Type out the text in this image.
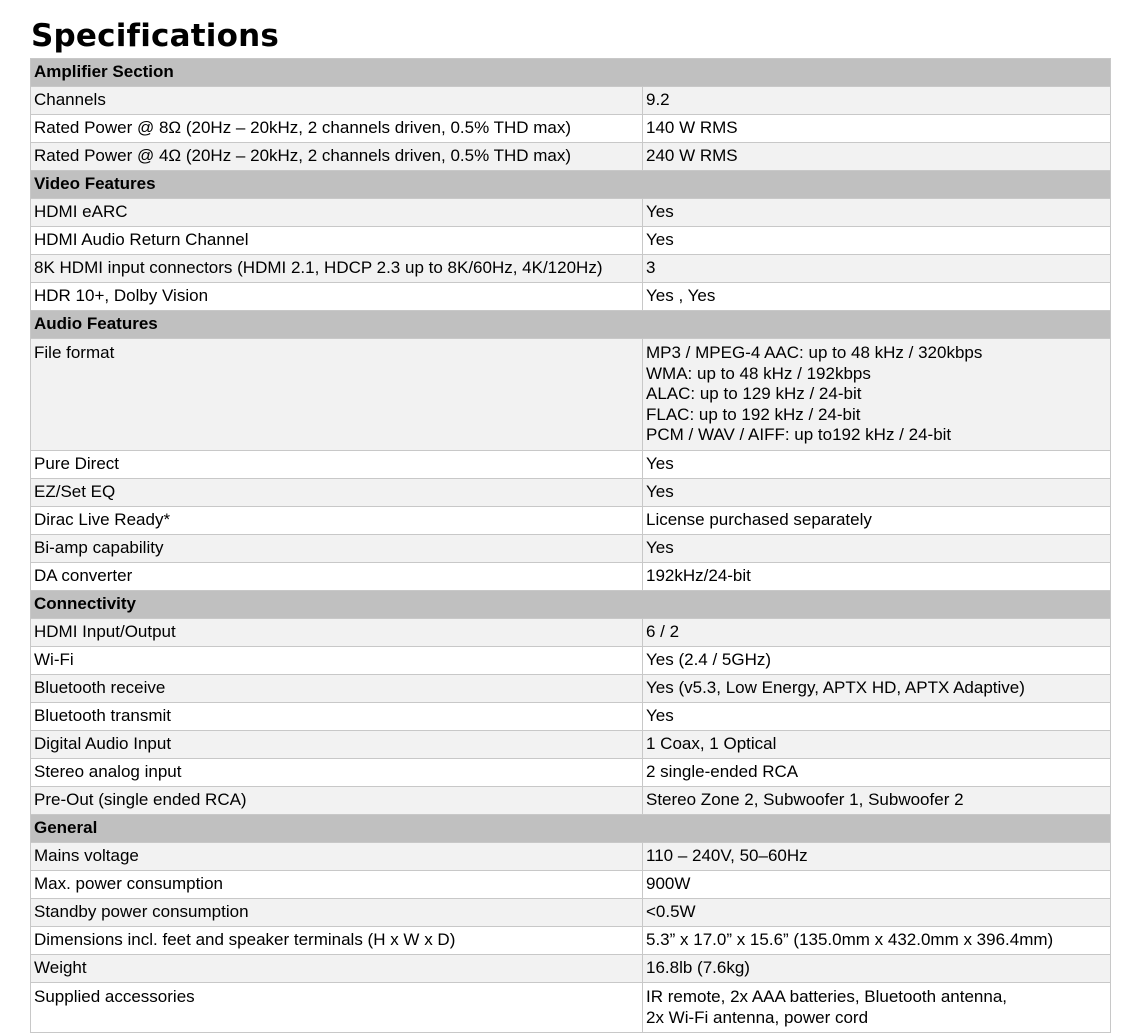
Specifications
Amplifier Section	
Channels	9.2

Rated Power @ 8Ω (20Hz – 20kHz, 2 channels driven, 0.5% THD max)	140 W RMS

Rated Power @ 4Ω (20Hz – 20kHz, 2 channels driven, 0.5% THD max)	240 W RMS

Video Features	
HDMI eARC	Yes

HDMI Audio Return Channel	Yes

8K HDMI input connectors (HDMI 2.1, HDCP 2.3 up to 8K/60Hz, 4K/120Hz)	3

HDR 10+, Dolby Vision	Yes , Yes

Audio Features	
File format	MP3 / MPEG-4 AAC: up to 48 kHz / 320kbps
WMA: up to 48 kHz / 192kbps
ALAC: up to 129 kHz / 24-bit
FLAC: up to 192 kHz / 24-bit
PCM / WAV / AIFF: up to192 kHz / 24-bit

Pure Direct	Yes

EZ/Set EQ	Yes

Dirac Live Ready*	License purchased separately

Bi-amp capability	Yes

DA converter	192kHz/24-bit

Connectivity	
HDMI Input/Output	6 / 2

Wi-Fi	Yes (2.4 / 5GHz)

Bluetooth receive	Yes (v5.3, Low Energy, APTX HD, APTX Adaptive)

Bluetooth transmit	Yes

Digital Audio Input	1 Coax, 1 Optical

Stereo analog input	2 single-ended RCA

Pre-Out (single ended RCA)	Stereo Zone 2, Subwoofer 1, Subwoofer 2

General	
Mains voltage	110 – 240V, 50–60Hz

Max. power consumption	900W

Standby power consumption	<0.5W

Dimensions incl. feet and speaker terminals (H x W x D)	5.3” x 17.0” x 15.6” (135.0mm x 432.0mm x 396.4mm)

Weight	16.8lb (7.6kg)

Supplied accessories	IR remote, 2x AAA batteries, Bluetooth antenna,
2x Wi-Fi antenna, power cord
